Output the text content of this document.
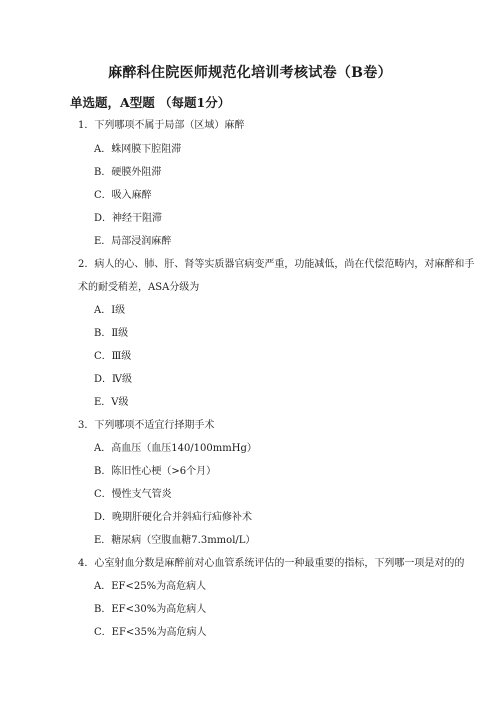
麻醉科住院医师规范化培训考核试卷（B卷）
单选题，A型题 （每题1分）
1．下列哪项不属于局部（区域）麻醉
A．蛛网膜下腔阻滞
B．硬膜外阻滞
C．吸入麻醉
D．神经干阻滞
E．局部浸润麻醉
2．病人的心、肺、肝、肾等实质器官病变严重，功能减低，尚在代偿范畴内，对麻醉和手
术的耐受稍差，ASA分级为
A．Ⅰ级
B．Ⅱ级
C．Ⅲ级
D．Ⅳ级
E．Ⅴ级
3．下列哪项不适宜行择期手术
A．高血压（血压140/100mmHg）
B．陈旧性心梗（>6个月）
C．慢性支气管炎
D．晚期肝硬化合并斜疝行疝修补术
E．糖尿病（空腹血糖7.3mmol/L）
4．心室射血分数是麻醉前对心血管系统评估的一种最重要的指标，下列哪一项是对的的
A．EF<25%为高危病人
B．EF<30%为高危病人
C．EF<35%为高危病人
